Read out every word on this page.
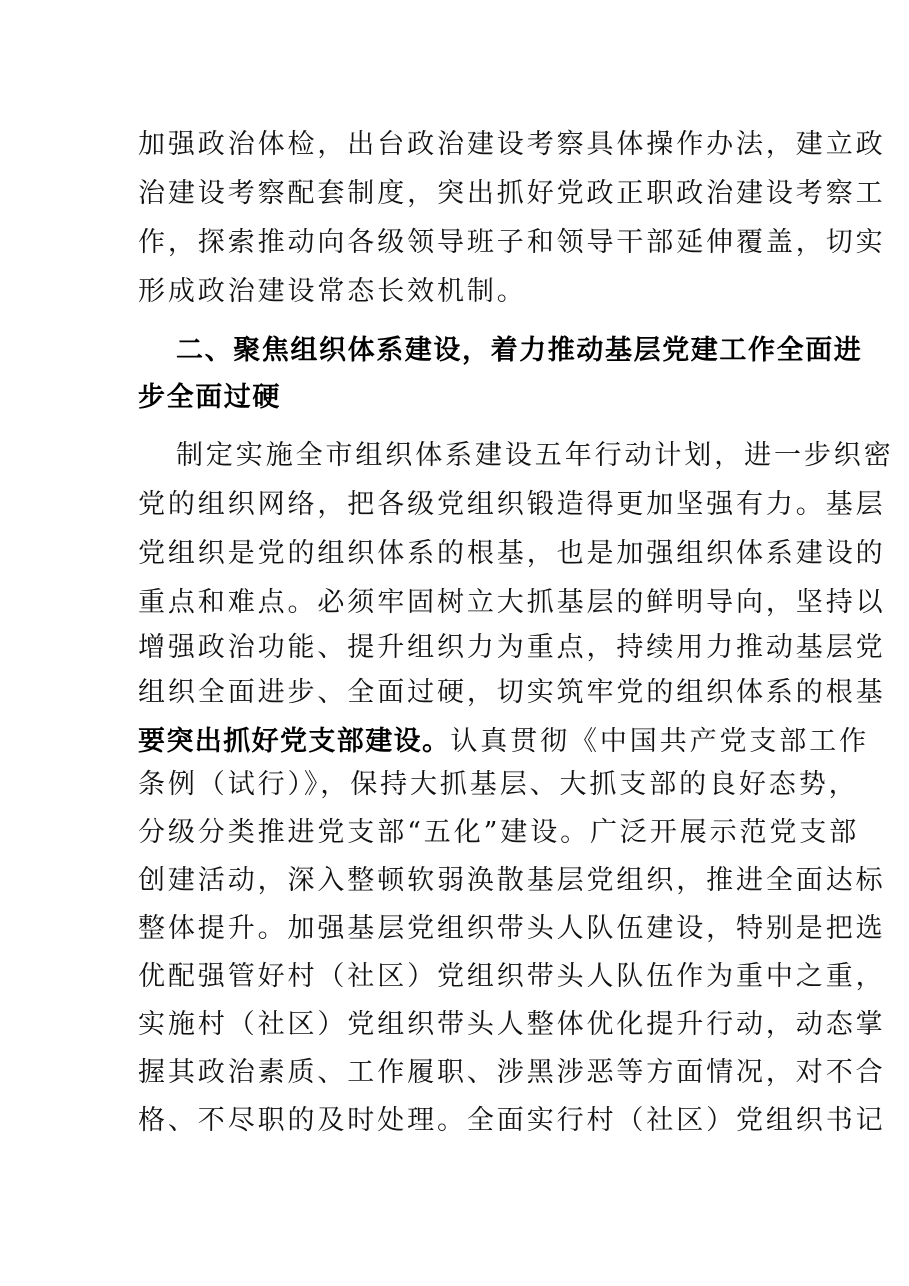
加强政治体检，出台政治建设考察具体操作办法，建立政
治建设考察配套制度，突出抓好党政正职政治建设考察工
作，探索推动向各级领导班子和领导干部延伸覆盖，切实
形成政治建设常态长效机制。
二、聚焦组织体系建设，着力推动基层党建工作全面进
步全面过硬
制定实施全市组织体系建设五年行动计划，进一步织密
党的组织网络，把各级党组织锻造得更加坚强有力。基层
党组织是党的组织体系的根基，也是加强组织体系建设的
重点和难点。必须牢固树立大抓基层的鲜明导向，坚持以
增强政治功能、提升组织力为重点，持续用力推动基层党
组织全面进步、全面过硬，切实筑牢党的组织体系的根基
要突出抓好党支部建设。认真贯彻《中国共产党支部工作
条例（试行）》，保持大抓基层、大抓支部的良好态势，
分级分类推进党支部“五化”建设。广泛开展示范党支部
创建活动，深入整顿软弱涣散基层党组织，推进全面达标
整体提升。加强基层党组织带头人队伍建设，特别是把选
优配强管好村（社区）党组织带头人队伍作为重中之重，
实施村（社区）党组织带头人整体优化提升行动，动态掌
握其政治素质、工作履职、涉黑涉恶等方面情况，对不合
格、不尽职的及时处理。全面实行村（社区）党组织书记
